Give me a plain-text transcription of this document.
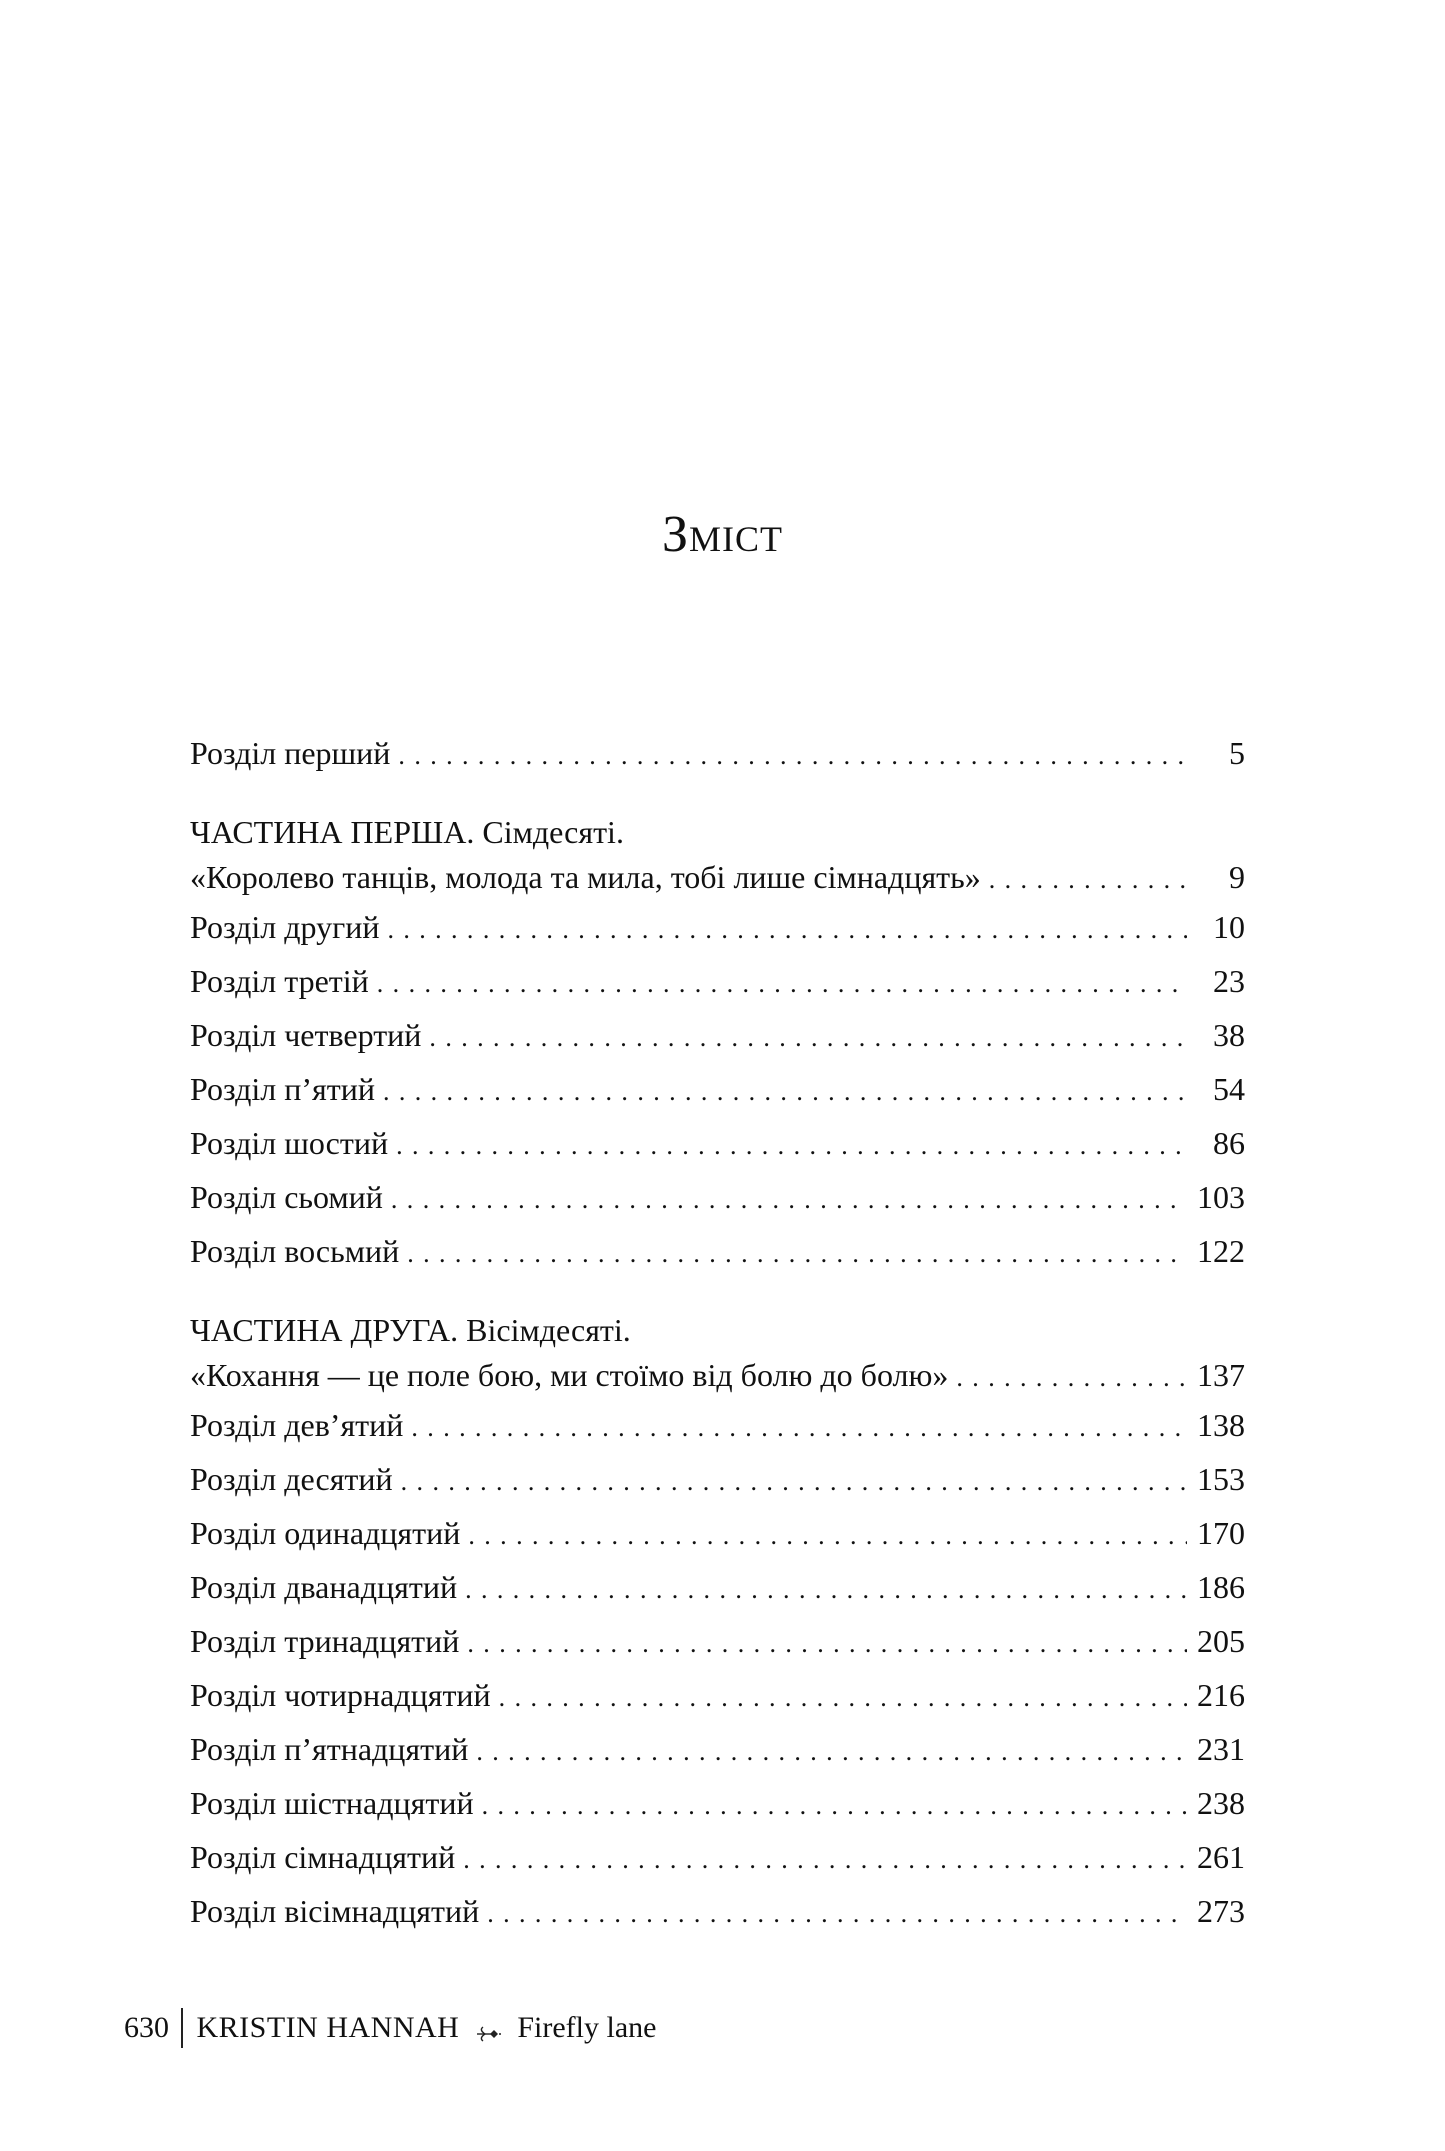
Зміст
Розділ перший .....	5
ЧАСТИНА ПЕРША. Сімдесяті.
«Королево танців, молода та мила, тобі лише сімнадцять» .....	9
Розділ другий .....	10
Розділ третій .....	23
Розділ четвертий .....	38
Розділ п’ятий .....	54
Розділ шостий .....	86
Розділ сьомий .....	103
Розділ восьмий .....	122
ЧАСТИНА ДРУГА. Вісімдесяті.
«Кохання — це поле бою, ми стоїмо від болю до болю» .....	137
Розділ дев’ятий .....	138
Розділ десятий .....	153
Розділ одинадцятий .....	170
Розділ дванадцятий .....	186
Розділ тринадцятий .....	205
Розділ чотирнадцятий .....	216
Розділ п’ятнадцятий .....	231
Розділ шістнадцятий .....	238
Розділ сімнадцятий .....	261
Розділ вісімнадцятий .....	273
630 KRISTIN HANNAH Firefly lane
